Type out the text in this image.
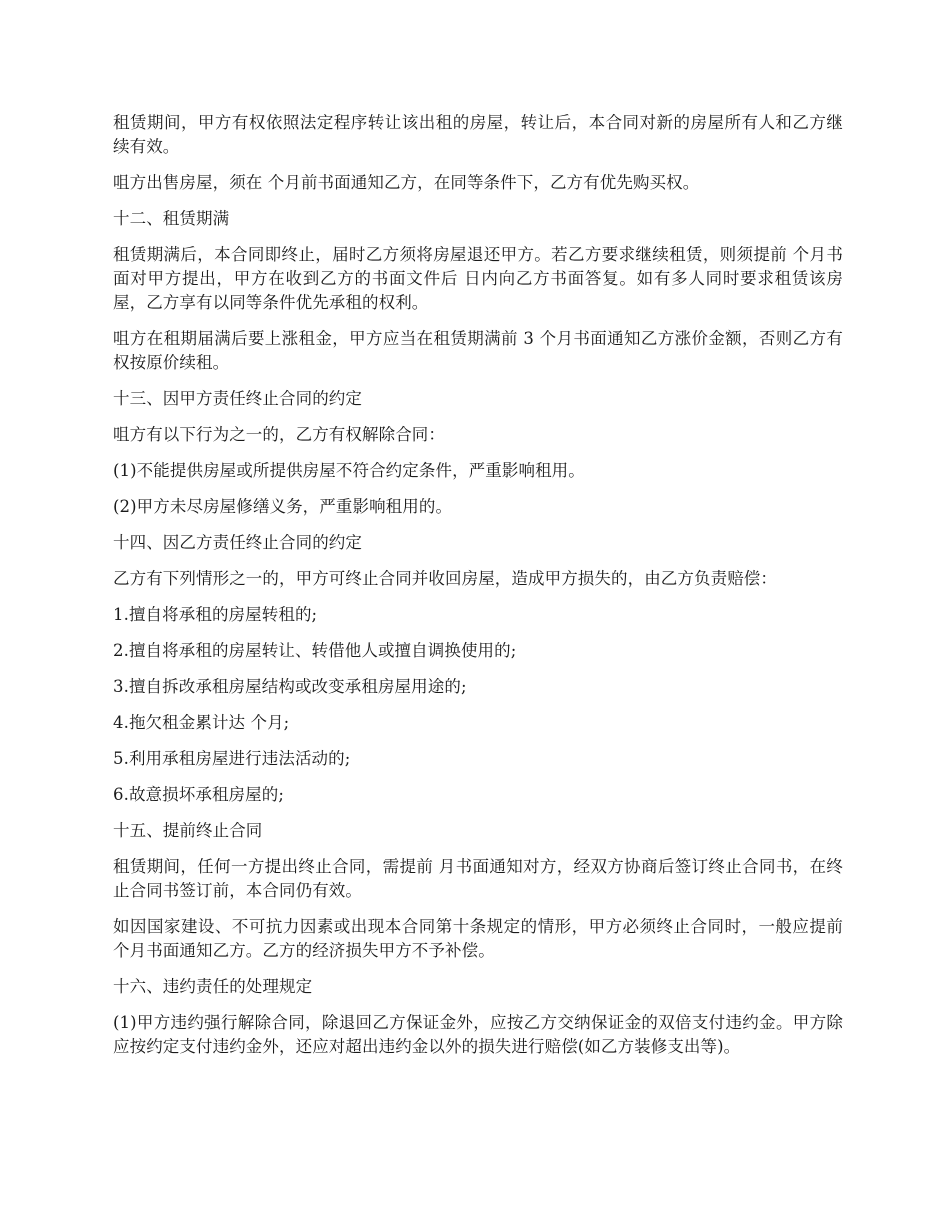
租赁期间，甲方有权依照法定程序转让该出租的房屋，转让后，本合同对新的房屋所有人和乙方继续有效。

咀方出售房屋，须在 个月前书面通知乙方，在同等条件下，乙方有优先购买权。

十二、租赁期满

租赁期满后，本合同即终止，届时乙方须将房屋退还甲方。若乙方要求继续租赁，则须提前 个月书面对甲方提出，甲方在收到乙方的书面文件后 日内向乙方书面答复。如有多人同时要求租赁该房屋，乙方享有以同等条件优先承租的权利。

咀方在租期届满后要上涨租金，甲方应当在租赁期满前 3 个月书面通知乙方涨价金额，否则乙方有权按原价续租。

十三、因甲方责任终止合同的约定

咀方有以下行为之一的，乙方有权解除合同：

(1)不能提供房屋或所提供房屋不符合约定条件，严重影响租用。

(2)甲方未尽房屋修缮义务，严重影响租用的。

十四、因乙方责任终止合同的约定

乙方有下列情形之一的，甲方可终止合同并收回房屋，造成甲方损失的，由乙方负责赔偿：

1.擅自将承租的房屋转租的;

2.擅自将承租的房屋转让、转借他人或擅自调换使用的;

3.擅自拆改承租房屋结构或改变承租房屋用途的;

4.拖欠租金累计达 个月;

5.利用承租房屋进行违法活动的;

6.故意损坏承租房屋的;

十五、提前终止合同

租赁期间，任何一方提出终止合同，需提前 月书面通知对方，经双方协商后签订终止合同书，在终止合同书签订前，本合同仍有效。

如因国家建设、不可抗力因素或出现本合同第十条规定的情形，甲方必须终止合同时，一般应提前 个月书面通知乙方。乙方的经济损失甲方不予补偿。

十六、违约责任的处理规定

(1)甲方违约强行解除合同，除退回乙方保证金外，应按乙方交纳保证金的双倍支付违约金。甲方除应按约定支付违约金外，还应对超出违约金以外的损失进行赔偿(如乙方装修支出等)。
